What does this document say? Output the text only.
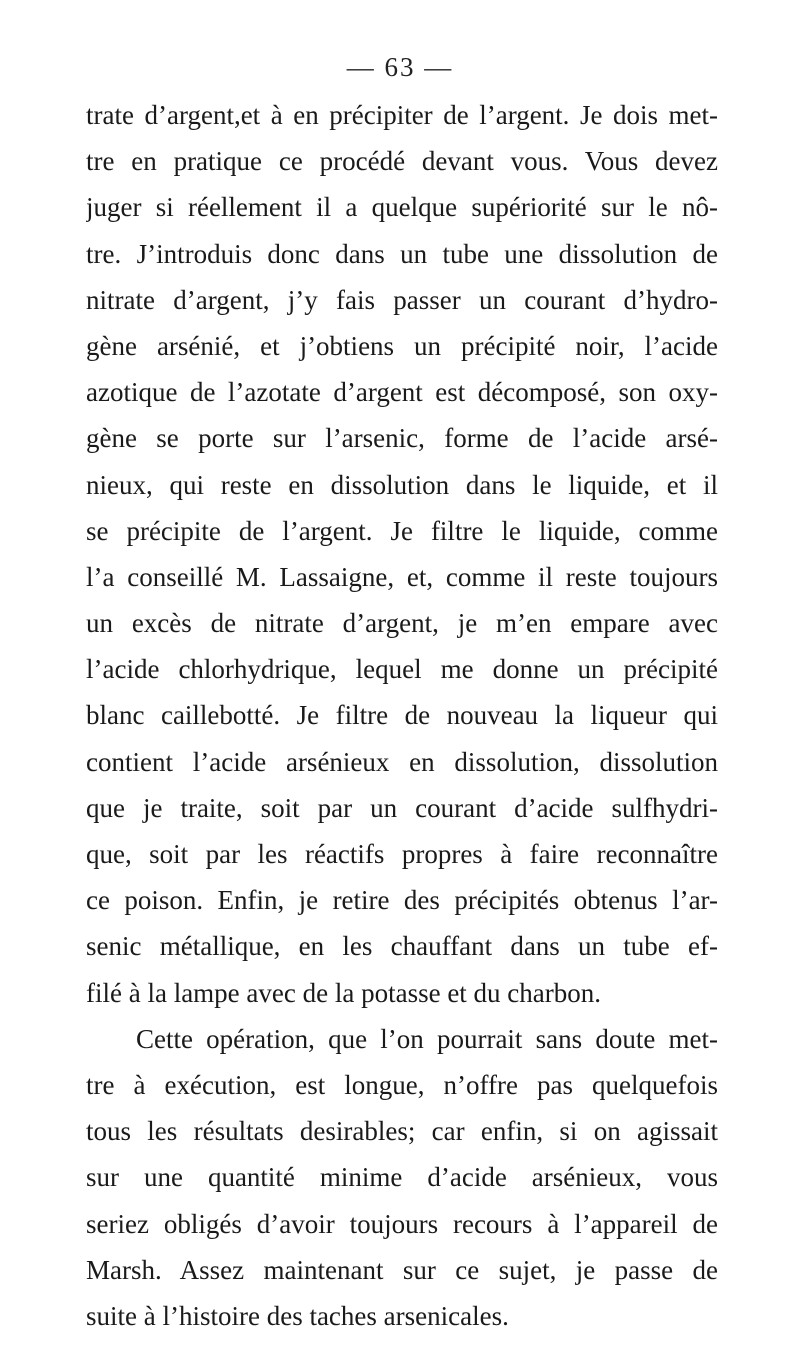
— 63 —
trate d’argent,et à en précipiter de l’argent. Je dois met-
tre en pratique ce procédé devant vous. Vous devez
juger si réellement il a quelque supériorité sur le nô-
tre. J’introduis donc dans un tube une dissolution de
nitrate d’argent, j’y fais passer un courant d’hydro-
gène arsénié, et j’obtiens un précipité noir, l’acide
azotique de l’azotate d’argent est décomposé, son oxy-
gène se porte sur l’arsenic, forme de l’acide arsé-
nieux, qui reste en dissolution dans le liquide, et il
se précipite de l’argent. Je filtre le liquide, comme
l’a conseillé M. Lassaigne, et, comme il reste toujours
un excès de nitrate d’argent, je m’en empare avec
l’acide chlorhydrique, lequel me donne un précipité
blanc caillebotté. Je filtre de nouveau la liqueur qui
contient l’acide arsénieux en dissolution, dissolution
que je traite, soit par un courant d’acide sulfhydri-
que, soit par les réactifs propres à faire reconnaître
ce poison. Enfin, je retire des précipités obtenus l’ar-
senic métallique, en les chauffant dans un tube ef-
filé à la lampe avec de la potasse et du charbon.
Cette opération, que l’on pourrait sans doute met-
tre à exécution, est longue, n’offre pas quelquefois
tous les résultats desirables; car enfin, si on agissait
sur une quantité minime d’acide arsénieux, vous
seriez obligés d’avoir toujours recours à l’appareil de
Marsh. Assez maintenant sur ce sujet, je passe de
suite à l’histoire des taches arsenicales.
